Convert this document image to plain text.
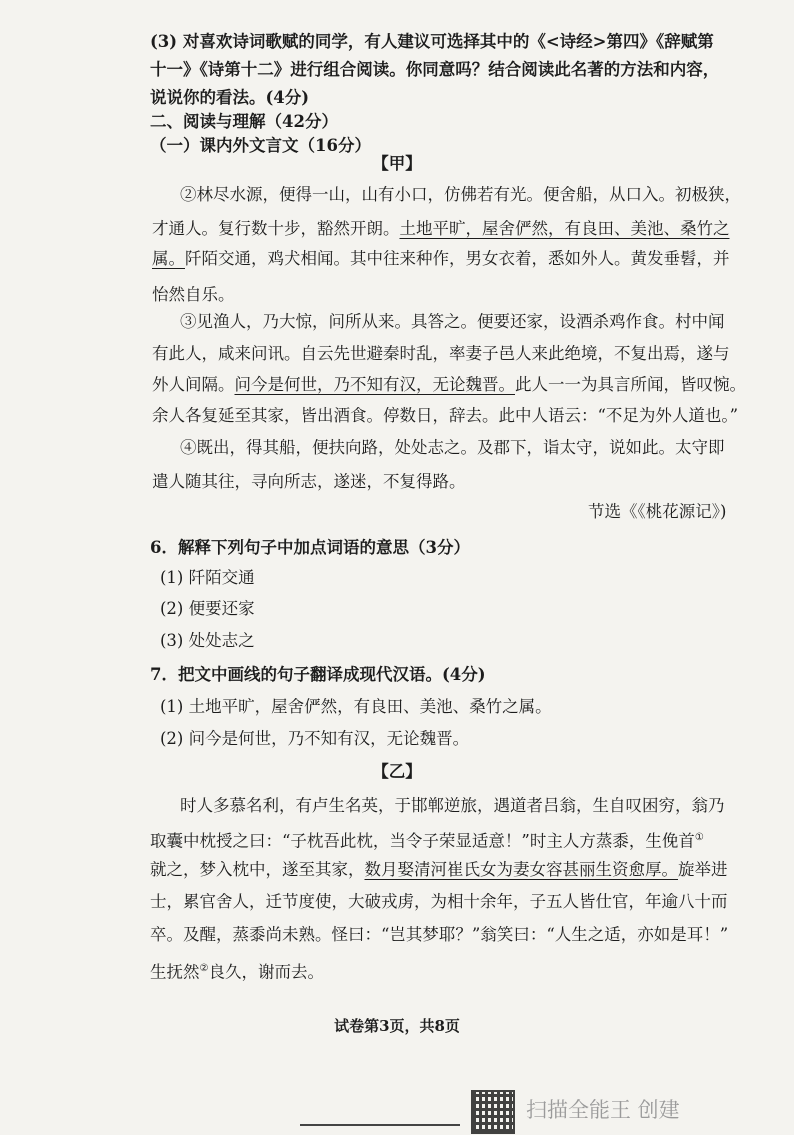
(3) 对喜欢诗词歌赋的同学，有人建议可选择其中的《<诗经>第四》《辞赋第
十一》《诗第十二》进行组合阅读。你同意吗？结合阅读此名著的方法和内容，
说说你的看法。(4分)
二、阅读与理解（42分）
（一）课内外文言文（16分）
【甲】
②林尽水源，便得一山，山有小口，仿佛若有光。便舍船，从口入。初极狭，
才通人。复行数十步，豁然开朗。土地平旷，屋舍俨然，有良田、美池、桑竹之
属。阡陌交通，鸡犬相闻。其中往来种作，男女衣着，悉如外人。黄发垂髫，并
怡然自乐。
③见渔人，乃大惊，问所从来。具答之。便要还家，设酒杀鸡作食。村中闻
有此人，咸来问讯。自云先世避秦时乱，率妻子邑人来此绝境，不复出焉，遂与
外人间隔。问今是何世，乃不知有汉，无论魏晋。此人一一为具言所闻，皆叹惋。
余人各复延至其家，皆出酒食。停数日，辞去。此中人语云：“不足为外人道也。”
④既出，得其船，便扶向路，处处志之。及郡下，诣太守，说如此。太守即
遣人随其往，寻向所志，遂迷，不复得路。
节选《《桃花源记》)
6．解释下列句子中加点词语的意思（3分）
(1) 阡陌交通
(2) 便要还家
(3) 处处志之
7．把文中画线的句子翻译成现代汉语。(4分)
(1) 土地平旷，屋舍俨然，有良田、美池、桑竹之属。
(2) 问今是何世，乃不知有汉，无论魏晋。
【乙】
时人多慕名利，有卢生名英，于邯郸逆旅，遇道者吕翁，生自叹困穷，翁乃
取囊中枕授之曰：“子枕吾此枕，当令子荣显适意！”时主人方蒸黍，生俛首①
就之，梦入枕中，遂至其家，数月娶清河崔氏女为妻女容甚丽生资愈厚。旋举进
士，累官舍人，迁节度使，大破戎虏，为相十余年，子五人皆仕官，年逾八十而
卒。及醒，蒸黍尚未熟。怪曰：“岂其梦耶？”翁笑曰：“人生之适，亦如是耳！”
生抚然②良久，谢而去。
试卷第3页，共8页
扫描全能王 创建
